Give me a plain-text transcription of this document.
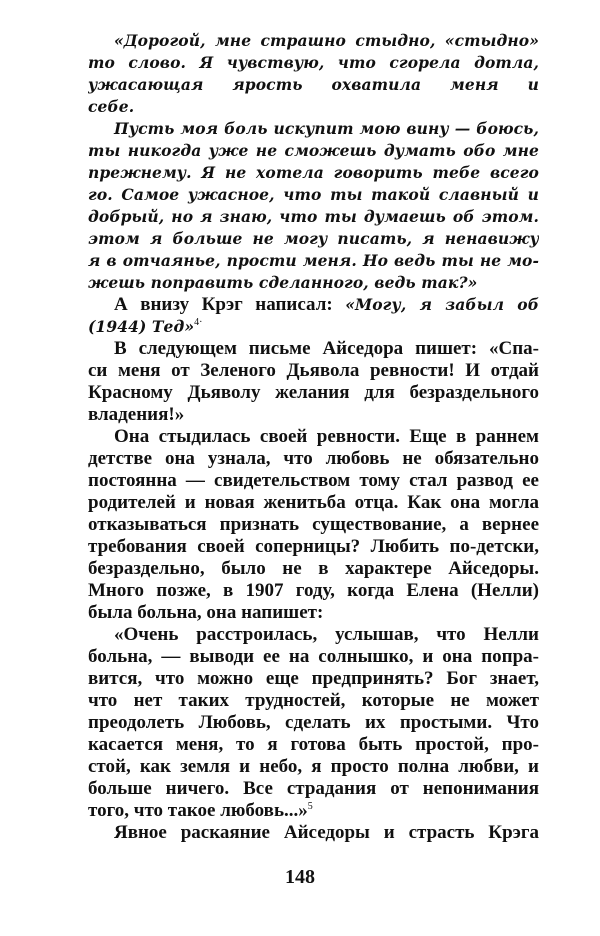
«Дорогой, мне страшно стыдно, «стыдно»
то слово. Я чувствую, что сгорела дотла,
ужасающая ярость охватила меня и
себе.
Пусть моя боль искупит мою вину — боюсь,
ты никогда уже не сможешь думать обо мне
прежнему. Я не хотела говорить тебе всего
го. Самое ужасное, что ты такой славный и
добрый, но я знаю, что ты думаешь об этом.
этом я больше не могу писать, я ненавижу
я в отчаянье, прости меня. Но ведь ты не мо-
жешь поправить сделанного, ведь так?»
А внизу Крэг написал: «Могу, я забыл об
(1944) Тед»$^{4\cdot}$
В следующем письме Айседора пишет: «Спа-
си меня от Зеленого Дьявола ревности! И отдай
Красному Дьяволу желания для безраздельного
владения!»
Она стыдилась своей ревности. Еще в раннем
детстве она узнала, что любовь не обязательно
постоянна — свидетельством тому стал развод ее
родителей и новая женитьба отца. Как она могла
отказываться признать существование, а вернее
требования своей соперницы? Любить по-детски,
безраздельно, было не в характере Айседоры.
Много позже, в 1907 году, когда Елена (Нелли)
была больна, она напишет:
«Очень расстроилась, услышав, что Нелли
больна, — выводи ее на солнышко, и она попра-
вится, что можно еще предпринять? Бог знает,
что нет таких трудностей, которые не может
преодолеть Любовь, сделать их простыми. Что
касается меня, то я готова быть простой, про-
стой, как земля и небо, я просто полна любви, и
больше ничего. Все страдания от непонимания
того, что такое любовь...»$^5$
Явное раскаяние Айседоры и страсть Крэга
148
